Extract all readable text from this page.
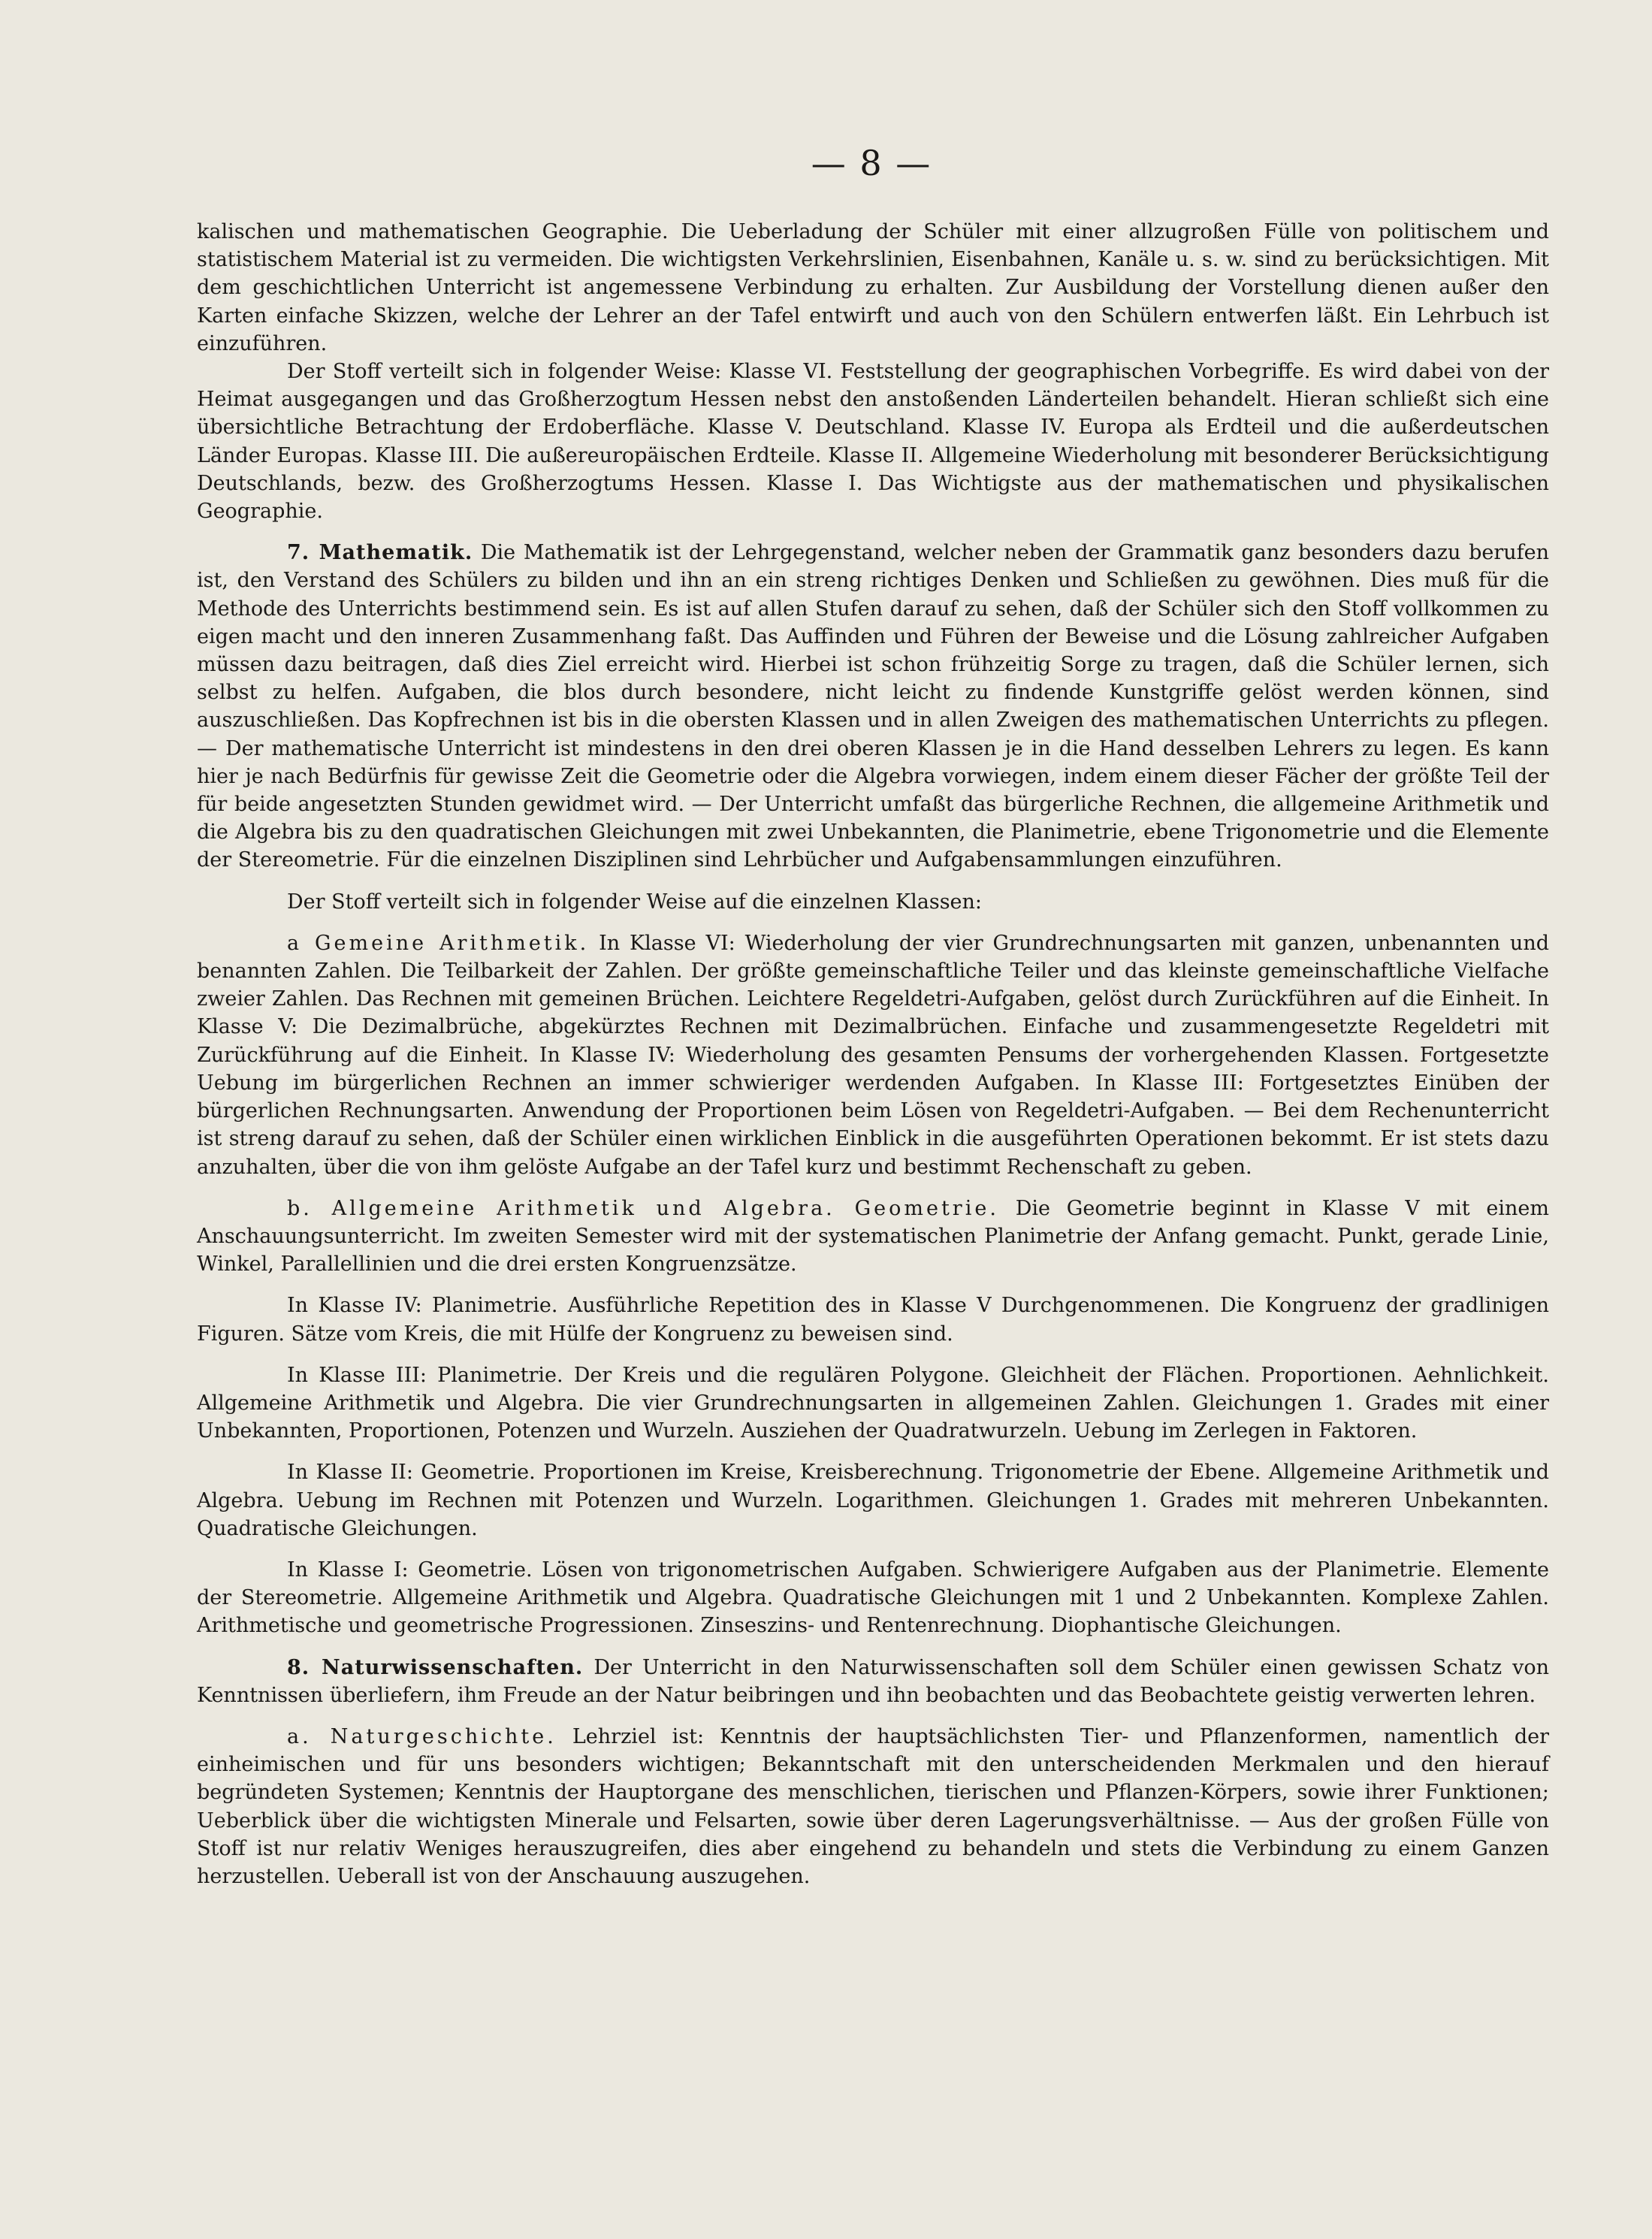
— 8 —

kalischen und mathematischen Geographie. Die Ueberladung der Schüler mit einer allzugroßen Fülle von politischem und statistischem Material ist zu vermeiden. Die wichtigsten Verkehrslinien, Eisenbahnen, Kanäle u. s. w. sind zu berücksichtigen. Mit dem geschichtlichen Unterricht ist angemessene Verbindung zu erhalten. Zur Ausbildung der Vorstellung dienen außer den Karten einfache Skizzen, welche der Lehrer an der Tafel entwirft und auch von den Schülern entwerfen läßt. Ein Lehrbuch ist einzuführen.

Der Stoff verteilt sich in folgender Weise: Klasse VI. Feststellung der geographischen Vorbegriffe. Es wird dabei von der Heimat ausgegangen und das Großherzogtum Hessen nebst den anstoßenden Länderteilen behandelt. Hieran schließt sich eine übersichtliche Betrachtung der Erdoberfläche. Klasse V. Deutschland. Klasse IV. Europa als Erdteil und die außerdeutschen Länder Europas. Klasse III. Die außereuropäischen Erdteile. Klasse II. Allgemeine Wiederholung mit besonderer Berücksichtigung Deutschlands, bezw. des Großherzogtums Hessen. Klasse I. Das Wichtigste aus der mathematischen und physikalischen Geographie.

7. Mathematik. Die Mathematik ist der Lehrgegenstand, welcher neben der Grammatik ganz besonders dazu berufen ist, den Verstand des Schülers zu bilden und ihn an ein streng richtiges Denken und Schließen zu gewöhnen. Dies muß für die Methode des Unterrichts bestimmend sein. Es ist auf allen Stufen darauf zu sehen, daß der Schüler sich den Stoff vollkommen zu eigen macht und den inneren Zusammenhang faßt. Das Auffinden und Führen der Beweise und die Lösung zahlreicher Aufgaben müssen dazu beitragen, daß dies Ziel erreicht wird. Hierbei ist schon frühzeitig Sorge zu tragen, daß die Schüler lernen, sich selbst zu helfen. Aufgaben, die blos durch besondere, nicht leicht zu findende Kunstgriffe gelöst werden können, sind auszuschließen. Das Kopfrechnen ist bis in die obersten Klassen und in allen Zweigen des mathematischen Unterrichts zu pflegen. — Der mathematische Unterricht ist mindestens in den drei oberen Klassen je in die Hand desselben Lehrers zu legen. Es kann hier je nach Bedürfnis für gewisse Zeit die Geometrie oder die Algebra vorwiegen, indem einem dieser Fächer der größte Teil der für beide angesetzten Stunden gewidmet wird. — Der Unterricht umfaßt das bürgerliche Rechnen, die allgemeine Arithmetik und die Algebra bis zu den quadratischen Gleichungen mit zwei Unbekannten, die Planimetrie, ebene Trigonometrie und die Elemente der Stereometrie. Für die einzelnen Disziplinen sind Lehrbücher und Aufgabensammlungen einzuführen.

Der Stoff verteilt sich in folgender Weise auf die einzelnen Klassen:

a Gemeine Arithmetik. In Klasse VI: Wiederholung der vier Grundrechnungsarten mit ganzen, unbenannten und benannten Zahlen. Die Teilbarkeit der Zahlen. Der größte gemeinschaftliche Teiler und das kleinste gemeinschaftliche Vielfache zweier Zahlen. Das Rechnen mit gemeinen Brüchen. Leichtere Regeldetri-Aufgaben, gelöst durch Zurückführen auf die Einheit. In Klasse V: Die Dezimalbrüche, abgekürztes Rechnen mit Dezimalbrüchen. Einfache und zusammengesetzte Regeldetri mit Zurückführung auf die Einheit. In Klasse IV: Wiederholung des gesamten Pensums der vorhergehenden Klassen. Fortgesetzte Uebung im bürgerlichen Rechnen an immer schwieriger werdenden Aufgaben. In Klasse III: Fortgesetztes Einüben der bürgerlichen Rechnungsarten. Anwendung der Proportionen beim Lösen von Regeldetri-Aufgaben. — Bei dem Rechenunterricht ist streng darauf zu sehen, daß der Schüler einen wirklichen Einblick in die ausgeführten Operationen bekommt. Er ist stets dazu anzuhalten, über die von ihm gelöste Aufgabe an der Tafel kurz und bestimmt Rechenschaft zu geben.

b. Allgemeine Arithmetik und Algebra. Geometrie. Die Geometrie beginnt in Klasse V mit einem Anschauungsunterricht. Im zweiten Semester wird mit der systematischen Planimetrie der Anfang gemacht. Punkt, gerade Linie, Winkel, Parallellinien und die drei ersten Kongruenzsätze.

In Klasse IV: Planimetrie. Ausführliche Repetition des in Klasse V Durchgenommenen. Die Kongruenz der gradlinigen Figuren. Sätze vom Kreis, die mit Hülfe der Kongruenz zu beweisen sind.

In Klasse III: Planimetrie. Der Kreis und die regulären Polygone. Gleichheit der Flächen. Proportionen. Aehnlichkeit. Allgemeine Arithmetik und Algebra. Die vier Grundrechnungsarten in allgemeinen Zahlen. Gleichungen 1. Grades mit einer Unbekannten, Proportionen, Potenzen und Wurzeln. Ausziehen der Quadratwurzeln. Uebung im Zerlegen in Faktoren.

In Klasse II: Geometrie. Proportionen im Kreise, Kreisberechnung. Trigonometrie der Ebene. Allgemeine Arithmetik und Algebra. Uebung im Rechnen mit Potenzen und Wurzeln. Logarithmen. Gleichungen 1. Grades mit mehreren Unbekannten. Quadratische Gleichungen.

In Klasse I: Geometrie. Lösen von trigonometrischen Aufgaben. Schwierigere Aufgaben aus der Planimetrie. Elemente der Stereometrie. Allgemeine Arithmetik und Algebra. Quadratische Gleichungen mit 1 und 2 Unbekannten. Komplexe Zahlen. Arithmetische und geometrische Progressionen. Zinseszins- und Rentenrechnung. Diophantische Gleichungen.

8. Naturwissenschaften. Der Unterricht in den Naturwissenschaften soll dem Schüler einen gewissen Schatz von Kenntnissen überliefern, ihm Freude an der Natur beibringen und ihn beobachten und das Beobachtete geistig verwerten lehren.

a. Naturgeschichte. Lehrziel ist: Kenntnis der hauptsächlichsten Tier- und Pflanzenformen, namentlich der einheimischen und für uns besonders wichtigen; Bekanntschaft mit den unterscheidenden Merkmalen und den hierauf begründeten Systemen; Kenntnis der Hauptorgane des menschlichen, tierischen und Pflanzen-Körpers, sowie ihrer Funktionen; Ueberblick über die wichtigsten Minerale und Felsarten, sowie über deren Lagerungsverhältnisse. — Aus der großen Fülle von Stoff ist nur relativ Weniges herauszugreifen, dies aber eingehend zu behandeln und stets die Verbindung zu einem Ganzen herzustellen. Ueberall ist von der Anschauung auszugehen.
